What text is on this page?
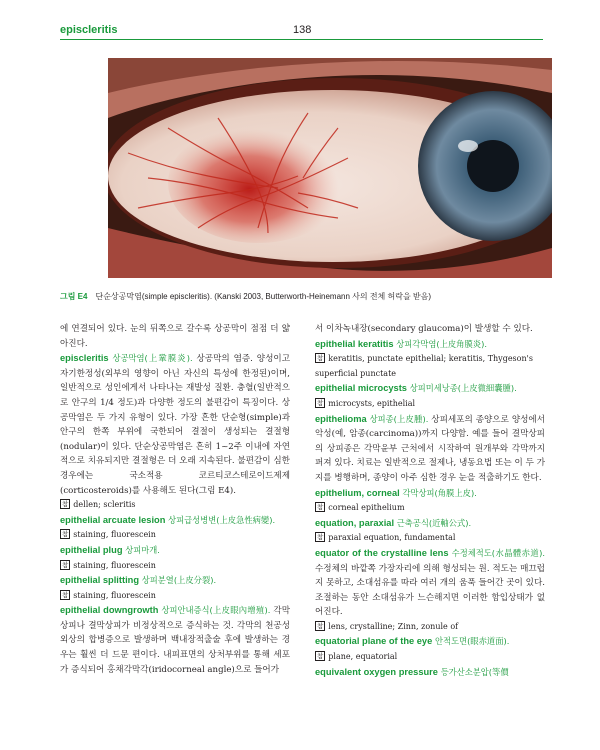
episcleritis	138
그림 E4 단순상공막염(simple episcleritis). (Kanski 2003, Butterworth-Heinemann 사의 전체 허락을 받음)

에 연결되어 있다. 눈의 뒤쪽으로 갈수록 상공막이 점점 더 얇아진다.

episcleritis 상공막염(上鞏膜炎). 상공막의 염증. 양성이고 자기한정성(외부의 영향이 아닌 자신의 특성에 한정된)이며, 일반적으로 성인에게서 나타나는 재발성 질환. 충혈(일반적으로 안구의 1/4 정도)과 다양한 정도의 불편감이 특징이다. 상공막염은 두 가지 유형이 있다. 가장 흔한 단순형(simple)과 안구의 한쪽 부위에 국한되어 결절이 생성되는 결절형(nodular)이 있다. 단순상공막염은 흔히 1~2주 이내에 자연적으로 치유되지만 결절형은 더 오래 지속된다. 불편감이 심한 경우에는 국소적용 코르티코스테로이드제제(corticosteroids)를 사용해도 된다(그림 E4).

참 dellen; scleritis

epithelial arcuate lesion 상피급성병변(上皮急性病變).

참 staining, fluorescein

epithelial plug 상피마개.

참 staining, fluorescein

epithelial splitting 상피분열(上皮分裂).

참 staining, fluorescein

epithelial downgrowth 상피안내증식(上皮眼內增殖). 각막상피나 결막상피가 비정상적으로 증식하는 것. 각막의 천공성외상의 합병증으로 발생하며 백내장적출술 후에 발생하는 경우는 훨씬 더 드문 편이다. 내피표면의 상처부위를 통해 세포가 증식되어 홍채각막각(iridocorneal angle)으로 들어가

서 이차녹내장(secondary glaucoma)이 발생할 수 있다.

epithelial keratitis 상피각막염(上皮角膜炎).

참 keratitis, punctate epithelial; keratitis, Thygeson's superficial punctate

epithelial microcysts 상피미세낭종(上皮微細囊腫).

참 microcysts, epithelial

epithelioma 상피종(上皮腫). 상피세포의 종양으로 양성에서 악성(예, 암종(carcinoma))까지 다양함. 예를 들어 결막상피의 상피종은 각막윤부 근처에서 시작하여 원개부와 각막까지 퍼져 있다. 치료는 일반적으로 절제나, 냉동요법 또는 이 두 가지를 병행하며, 종양이 아주 심한 경우 눈을 적출하기도 한다.

epithelium, corneal 각막상피(角膜上皮).

참 corneal epithelium

equation, paraxial 근축공식(近軸公式).

참 paraxial equation, fundamental

equator of the crystalline lens 수정체적도(水晶體赤道). 수정체의 바깥쪽 가장자리에 의해 형성되는 원. 적도는 매끄럽지 못하고, 소대섬유를 따라 여러 개의 움푹 들어간 곳이 있다. 조절하는 동안 소대섬유가 느슨해지면 이러한 함입상태가 없어진다.

참 lens, crystalline; Zinn, zonule of

equatorial plane of the eye 안적도면(眼赤道面).

참 plane, equatorial

equivalent oxygen pressure 등가산소분압(等價
